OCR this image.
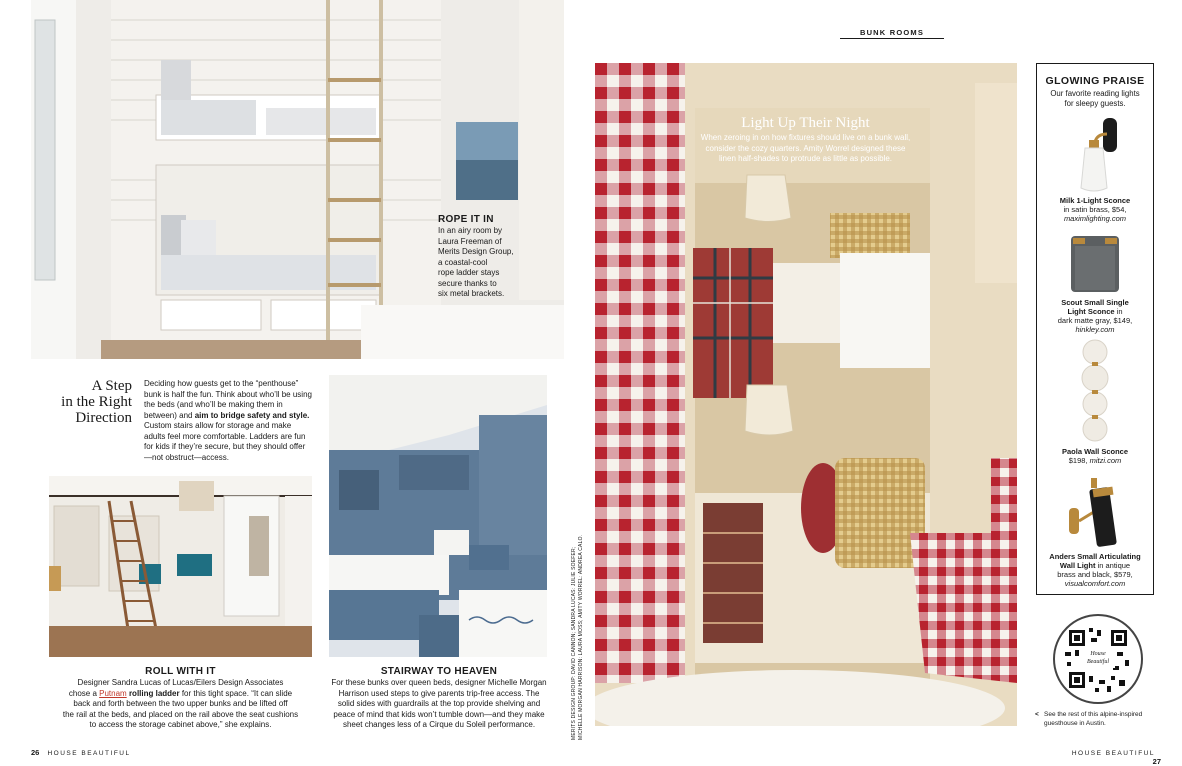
ROPE IT IN
In an airy room by
Laura Freeman of
Merits Design Group,
a coastal-cool
rope ladder stays
secure thanks to
six metal brackets.
A Step
in the Right
Direction
Deciding how guests get to the “penthouse” bunk is half the fun. Think about who’ll be using the beds (and who’ll be making them in between) and aim to bridge safety and style. Custom stairs allow for storage and make adults feel more comfortable. Ladders are fun for kids if they’re secure, but they should offer—not obstruct—access.
ROLL WITH IT
Designer Sandra Lucas of Lucas/Eilers Design Associates
chose a Putnam rolling ladder for this tight space. “It can slide
back and forth between the two upper bunks and be lifted off
the rail at the beds, and placed on the rail above the seat cushions
to access the storage cabinet above,” she explains.
STAIRWAY TO HEAVEN
For these bunks over queen beds, designer Michelle Morgan
Harrison used steps to give parents trip-free access. The
solid sides with guardrails at the top provide shelving and
peace of mind that kids won’t tumble down—and they make
sheet changes less of a Cirque du Soleil performance.	MERITS DESIGN GROUP: DAVID CANNON; SANDRA LUCAS: JULIE SOEFER; MICHELLE MORGAN HARRISON: LAURA MOSS; AMITY WORREL: ANDREA CALO.
26 HOUSE BEAUTIFUL
BUNK ROOMS
Light Up Their Night
When zeroing in on how fixtures should live on a bunk wall,
consider the cozy quarters. Amity Worrel designed these
linen half-shades to protrude as little as possible.
GLOWING PRAISE
Our favorite reading lights
for sleepy guests.
Milk 1-Light Sconce
in satin brass, $54,
maximlighting.com
Scout Small Single
Light Sconce in
dark matte gray, $149,
hinkley.com
Paola Wall Sconce
$198, mitzi.com
Anders Small Articulating
Wall Light in antique
brass and black, $579,
visualcomfort.com
House
Beautiful
< See the rest of this alpine-inspired
guesthouse in Austin.
HOUSE BEAUTIFUL 27
